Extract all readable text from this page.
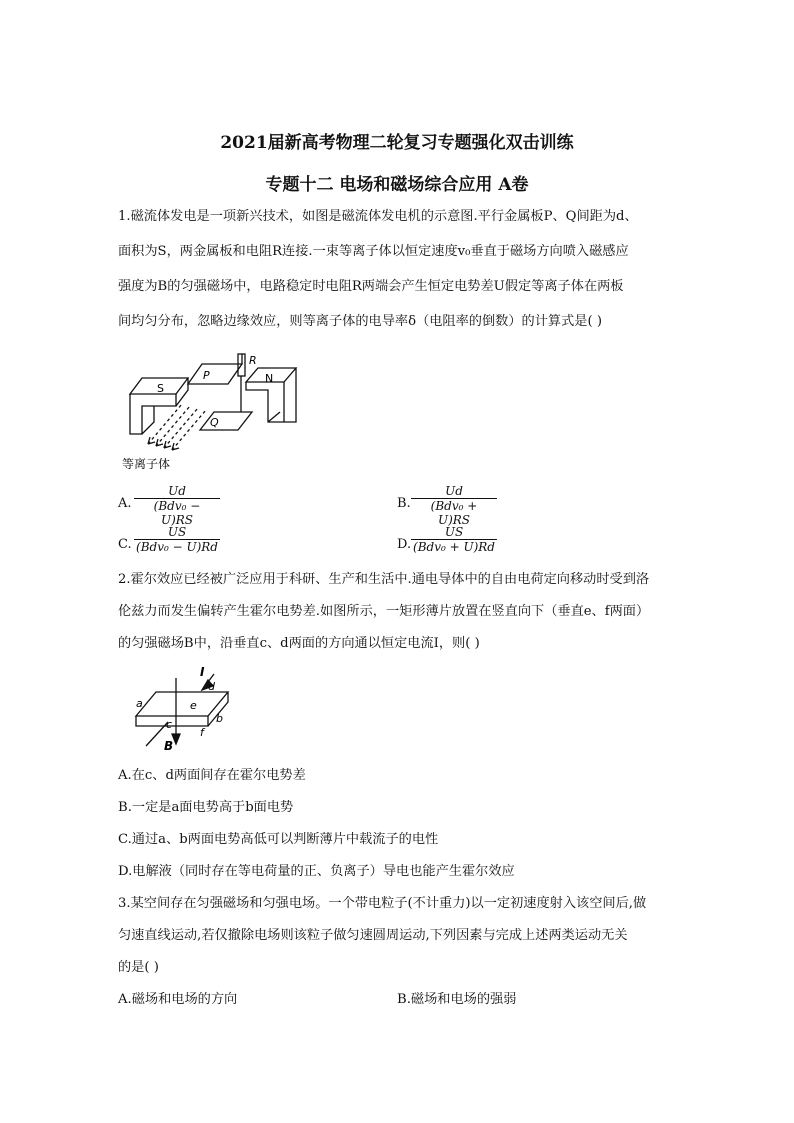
2021届新高考物理二轮复习专题强化双击训练
专题十二 电场和磁场综合应用 A卷
1.磁流体发电是一项新兴技术，如图是磁流体发电机的示意图.平行金属板P、Q间距为d、
面积为S，两金属板和电阻R连接.一束等离子体以恒定速度v₀垂直于磁场方向喷入磁感应
强度为B的匀强磁场中，电路稳定时电阻R两端会产生恒定电势差U假定等离子体在两板
间均匀分布，忽略边缘效应，则等离子体的电导率δ（电阻率的倒数）的计算式是( )
S
P	N
Q
R
等离子体
A.
Ud
(Bdv₀ − U)RS
B.
Ud
(Bdv₀ + U)RS
C.
US
(Bdv₀ − U)Rd	D.
US
(Bdv₀ + U)Rd
2.霍尔效应已经被广泛应用于科研、生产和生活中.通电导体中的自由电荷定向移动时受到洛
伦兹力而发生偏转产生霍尔电势差.如图所示，一矩形薄片放置在竖直向下（垂直e、f两面）
的匀强磁场B中，沿垂直c、d两面的方向通以恒定电流I，则( )
I
d
a	e
b
c
f
B
A.在c、d两面间存在霍尔电势差
B.一定是a面电势高于b面电势
C.通过a、b两面电势高低可以判断薄片中载流子的电性
D.电解液（同时存在等电荷量的正、负离子）导电也能产生霍尔效应
3.某空间存在匀强磁场和匀强电场。一个带电粒子(不计重力)以一定初速度射入该空间后,做
匀速直线运动,若仅撤除电场则该粒子做匀速圆周运动,下列因素与完成上述两类运动无关
的是( )
A.磁场和电场的方向	B.磁场和电场的强弱
